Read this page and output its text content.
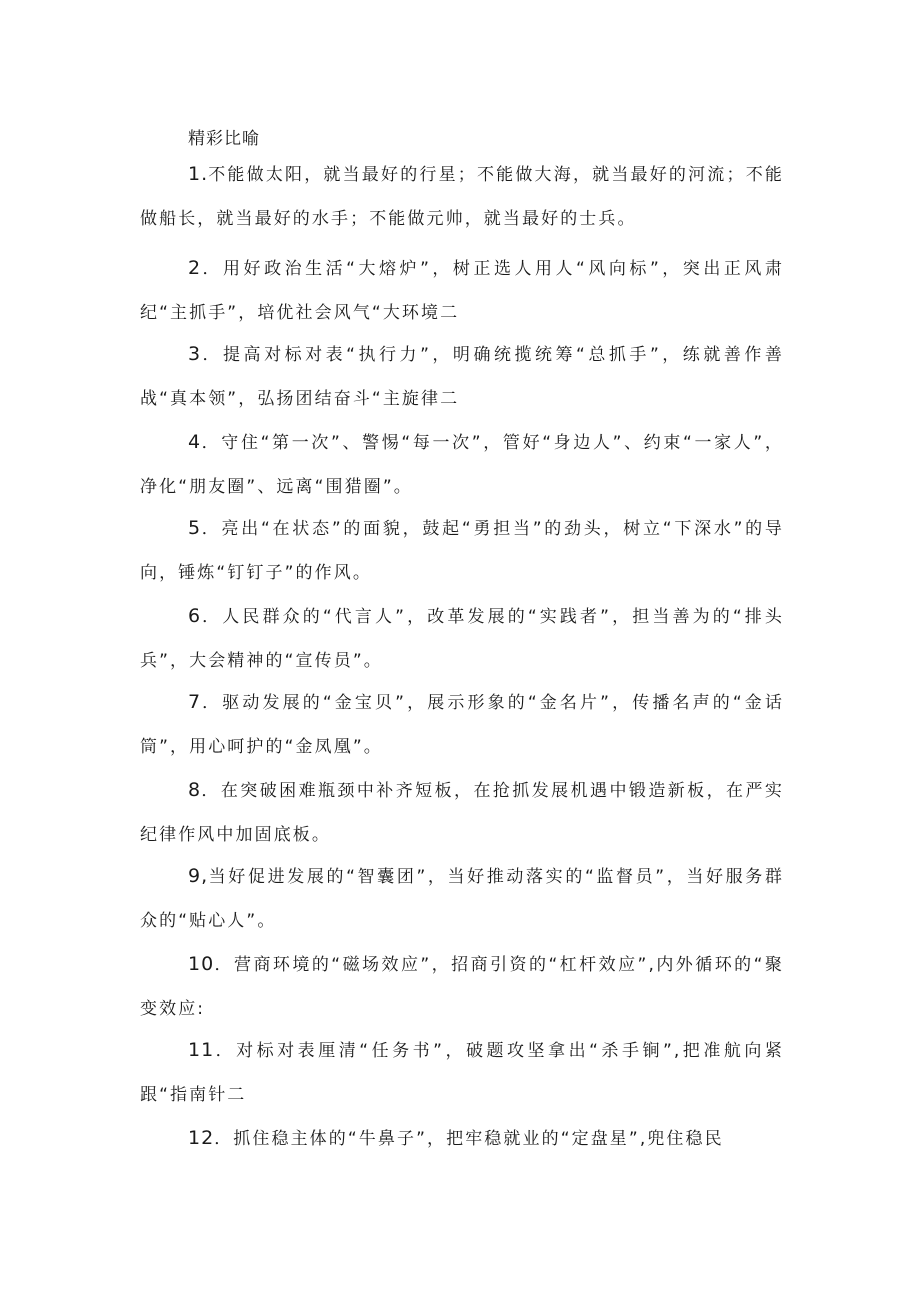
精彩比喻

1.不能做太阳，就当最好的行星；不能做大海，就当最好的河流；不能做船长，就当最好的水手；不能做元帅，就当最好的士兵。

2．用好政治生活“大熔炉”，树正选人用人“风向标”，突出正风肃纪“主抓手”，培优社会风气“大环境二

3．提高对标对表“执行力”，明确统揽统筹“总抓手”，练就善作善战“真本领”，弘扬团结奋斗“主旋律二

4．守住“第一次”、警惕“每一次”，管好“身边人”、约束“一家人”，净化“朋友圈”、远离“围猎圈”。

5．亮出“在状态”的面貌，鼓起“勇担当”的劲头，树立“下深水”的导向，锤炼“钉钉子”的作风。

6．人民群众的“代言人”，改革发展的“实践者”，担当善为的“排头兵”，大会精神的“宣传员”。

7．驱动发展的“金宝贝”，展示形象的“金名片”，传播名声的“金话筒”，用心呵护的“金凤凰”。

8．在突破困难瓶颈中补齐短板，在抢抓发展机遇中锻造新板，在严实纪律作风中加固底板。

9,当好促进发展的“智囊团”，当好推动落实的“监督员”，当好服务群众的“贴心人”。

10．营商环境的“磁场效应”，招商引资的“杠杆效应”,内外循环的“聚变效应:

11．对标对表厘清“任务书”，破题攻坚拿出“杀手锏”,把准航向紧跟“指南针二

12．抓住稳主体的“牛鼻子”，把牢稳就业的“定盘星”,兜住稳民
